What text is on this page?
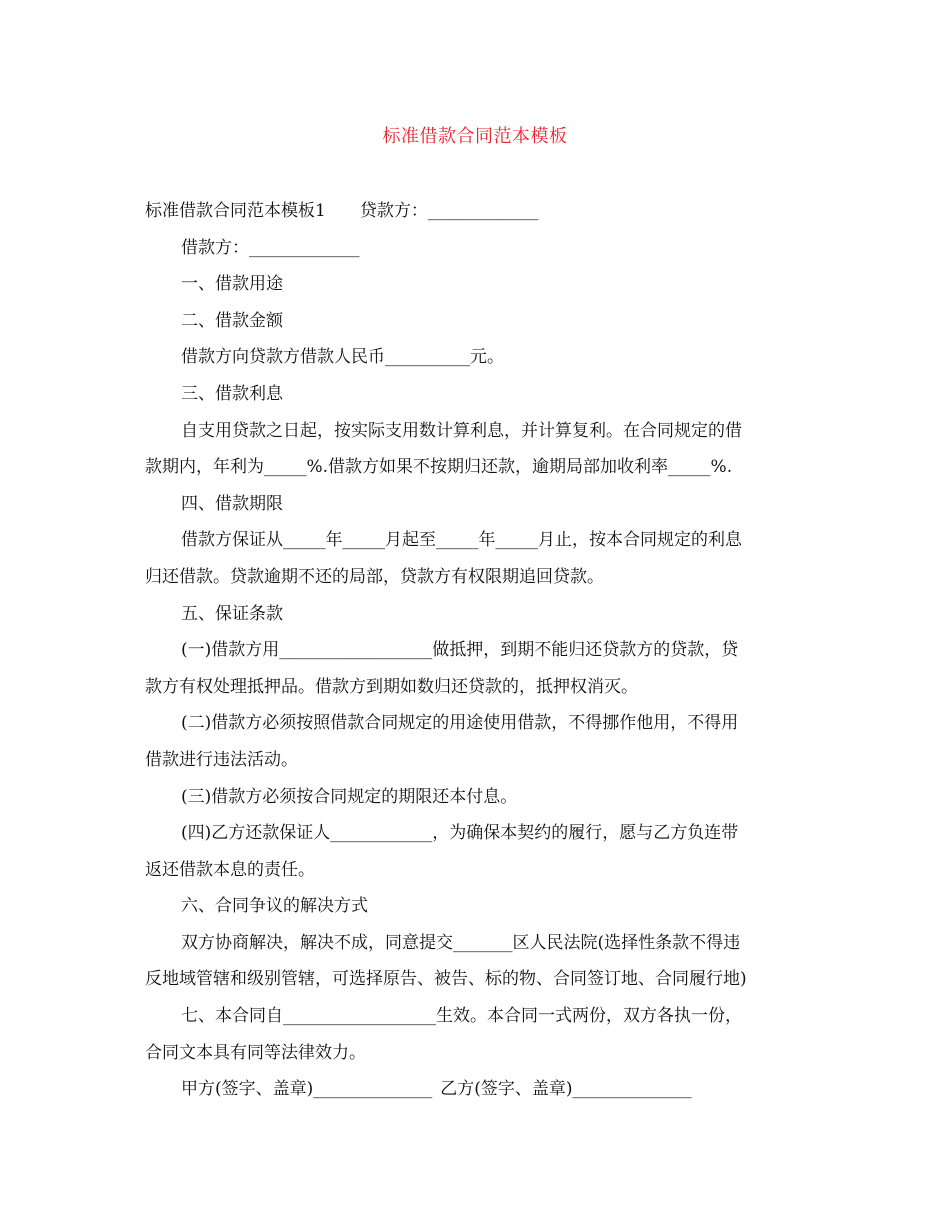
标准借款合同范本模板

标准借款合同范本模板1 贷款方：_____________

借款方：_____________

一、借款用途

二、借款金额

借款方向贷款方借款人民币__________元。

三、借款利息

自支用贷款之日起，按实际支用数计算利息，并计算复利。在合同规定的借

款期内，年利为_____%.借款方如果不按期归还款，逾期局部加收利率_____%.

四、借款期限

借款方保证从_____年_____月起至_____年_____月止，按本合同规定的利息

归还借款。贷款逾期不还的局部，贷款方有权限期追回贷款。

五、保证条款

(一)借款方用__________________做抵押，到期不能归还贷款方的贷款，贷

款方有权处理抵押品。借款方到期如数归还贷款的，抵押权消灭。

(二)借款方必须按照借款合同规定的用途使用借款，不得挪作他用，不得用

借款进行违法活动。

(三)借款方必须按合同规定的期限还本付息。

(四)乙方还款保证人____________，为确保本契约的履行，愿与乙方负连带

返还借款本息的责任。

六、合同争议的解决方式

双方协商解决，解决不成，同意提交_______区人民法院(选择性条款不得违

反地域管辖和级别管辖，可选择原告、被告、标的物、合同签订地、合同履行地)

七、本合同自__________________生效。本合同一式两份，双方各执一份，

合同文本具有同等法律效力。

甲方(签字、盖章)______________ 乙方(签字、盖章)______________
